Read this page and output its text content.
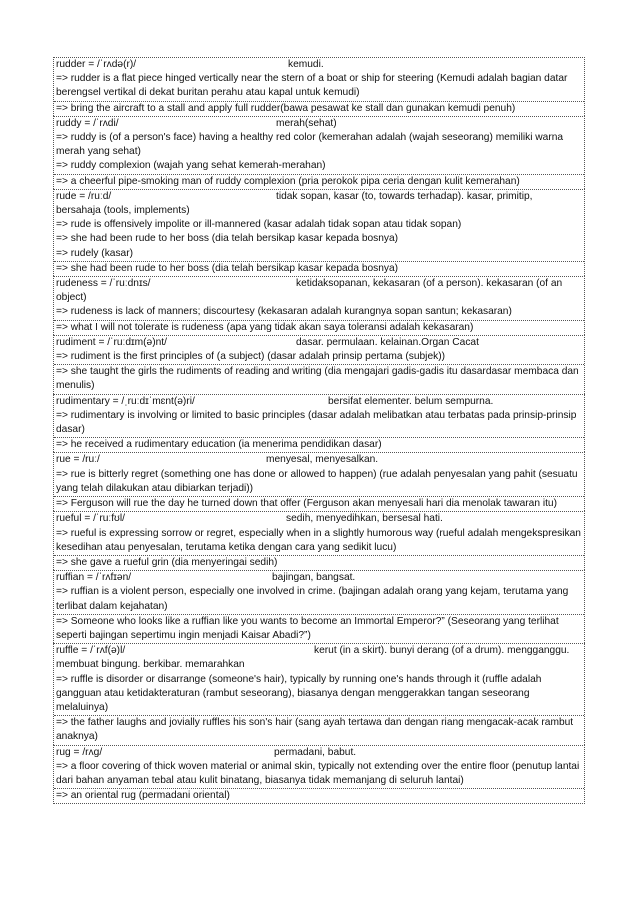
rudder = /ˈrʌdə(r)/	kemudi.
=> rudder is a flat piece hinged vertically near the stern of a boat or ship for steering (Kemudi adalah bagian datar berengsel vertikal di dekat buritan perahu atau kapal untuk kemudi)
=> bring the aircraft to a stall and apply full rudder(bawa pesawat ke stall dan gunakan kemudi penuh)
ruddy = /ˈrʌdi/	merah(sehat)
=> ruddy is (of a person's face) having a healthy red color (kemerahan adalah (wajah seseorang) memiliki warna merah yang sehat)
=> ruddy complexion (wajah yang sehat kemerah-merahan)
=> a cheerful pipe-smoking man of ruddy complexion (pria perokok pipa ceria dengan kulit kemerahan)
rude = /ruːd/	tidak sopan, kasar (to, towards terhadap). kasar, primitip,
bersahaja (tools, implements)
=> rude is offensively impolite or ill-mannered (kasar adalah tidak sopan atau tidak sopan)
=> she had been rude to her boss (dia telah bersikap kasar kepada bosnya)
=> rudely (kasar)
=> she had been rude to her boss (dia telah bersikap kasar kepada bosnya)
rudeness = /ˈruːdnɪs/	ketidaksopanan, kekasaran (of a person). kekasaran (of an
object)
=> rudeness is lack of manners; discourtesy (kekasaran adalah kurangnya sopan santun; kekasaran)
=> what I will not tolerate is rudeness (apa yang tidak akan saya toleransi adalah kekasaran)
rudiment = /ˈruːdɪm(ə)nt/	dasar. permulaan. kelainan.Organ Cacat
=> rudiment is the first principles of (a subject) (dasar adalah prinsip pertama (subjek))
=> she taught the girls the rudiments of reading and writing (dia mengajari gadis-gadis itu dasardasar membaca dan menulis)
rudimentary = /ˌruːdɪˈmɛnt(ə)ri/	bersifat elementer. belum sempurna.
=> rudimentary is involving or limited to basic principles (dasar adalah melibatkan atau terbatas pada prinsip-prinsip dasar)
=> he received a rudimentary education (ia menerima pendidikan dasar)
rue = /ruː/	menyesal, menyesalkan.
=> rue is bitterly regret (something one has done or allowed to happen) (rue adalah penyesalan yang pahit (sesuatu yang telah dilakukan atau dibiarkan terjadi))
=> Ferguson will rue the day he turned down that offer (Ferguson akan menyesali hari dia menolak tawaran itu)
rueful = /ˈruːfʊl/	sedih, menyedihkan, bersesal hati.
=> rueful is expressing sorrow or regret, especially when in a slightly humorous way (rueful adalah mengekspresikan kesedihan atau penyesalan, terutama ketika dengan cara yang sedikit lucu)
=> she gave a rueful grin (dia menyeringai sedih)
ruffian = /ˈrʌfɪən/	bajingan, bangsat.
=> ruffian is a violent person, especially one involved in crime. (bajingan adalah orang yang kejam, terutama yang terlibat dalam kejahatan)
=> Someone who looks like a ruffian like you wants to become an Immortal Emperor?” (Seseorang yang terlihat seperti bajingan sepertimu ingin menjadi Kaisar Abadi?”)
ruffle = /ˈrʌf(ə)l/	kerut (in a skirt). bunyi derang (of a drum). mengganggu.
membuat bingung. berkibar. memarahkan
=> ruffle is disorder or disarrange (someone's hair), typically by running one's hands through it (ruffle adalah gangguan atau ketidakteraturan (rambut seseorang), biasanya dengan menggerakkan tangan seseorang melaluinya)
=> the father laughs and jovially ruffles his son's hair (sang ayah tertawa dan dengan riang mengacak-acak rambut anaknya)
rug = /rʌɡ/	permadani, babut.
=> a floor covering of thick woven material or animal skin, typically not extending over the entire floor (penutup lantai dari bahan anyaman tebal atau kulit binatang, biasanya tidak memanjang di seluruh lantai)
=> an oriental rug (permadani oriental)
